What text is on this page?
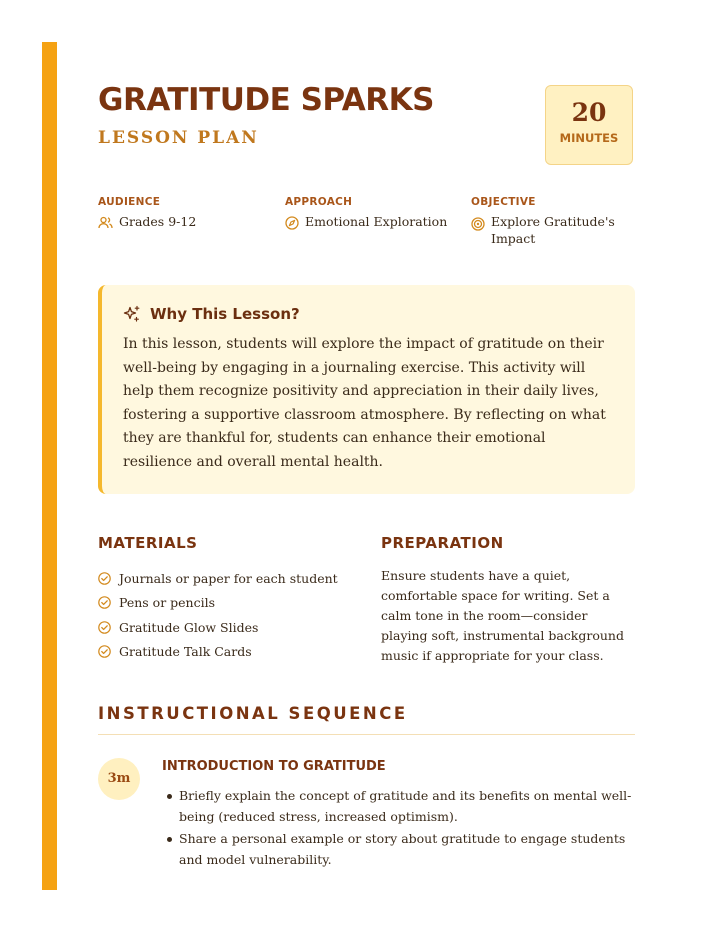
GRATITUDE SPARKS
LESSON PLAN
20
MINUTES
AUDIENCE
Grades 9-12
APPROACH
Emotional Exploration
OBJECTIVE
Explore Gratitude's Impact
Why This Lesson?
In this lesson, students will explore the impact of gratitude on their well-being by engaging in a journaling exercise. This activity will help them recognize positivity and appreciation in their daily lives, fostering a supportive classroom atmosphere. By reflecting on what they are thankful for, students can enhance their emotional resilience and overall mental health.
MATERIALS
Journals or paper for each student
Pens or pencils
Gratitude Glow Slides
Gratitude Talk Cards
PREPARATION

Ensure students have a quiet, comfortable space for writing. Set a calm tone in the room—consider playing soft, instrumental background music if appropriate for your class.

INSTRUCTIONAL SEQUENCE
3m
INTRODUCTION TO GRATITUDE
Briefly explain the concept of gratitude and its benefits on mental well-being (reduced stress, increased optimism).
Share a personal example or story about gratitude to engage students and model vulnerability.
